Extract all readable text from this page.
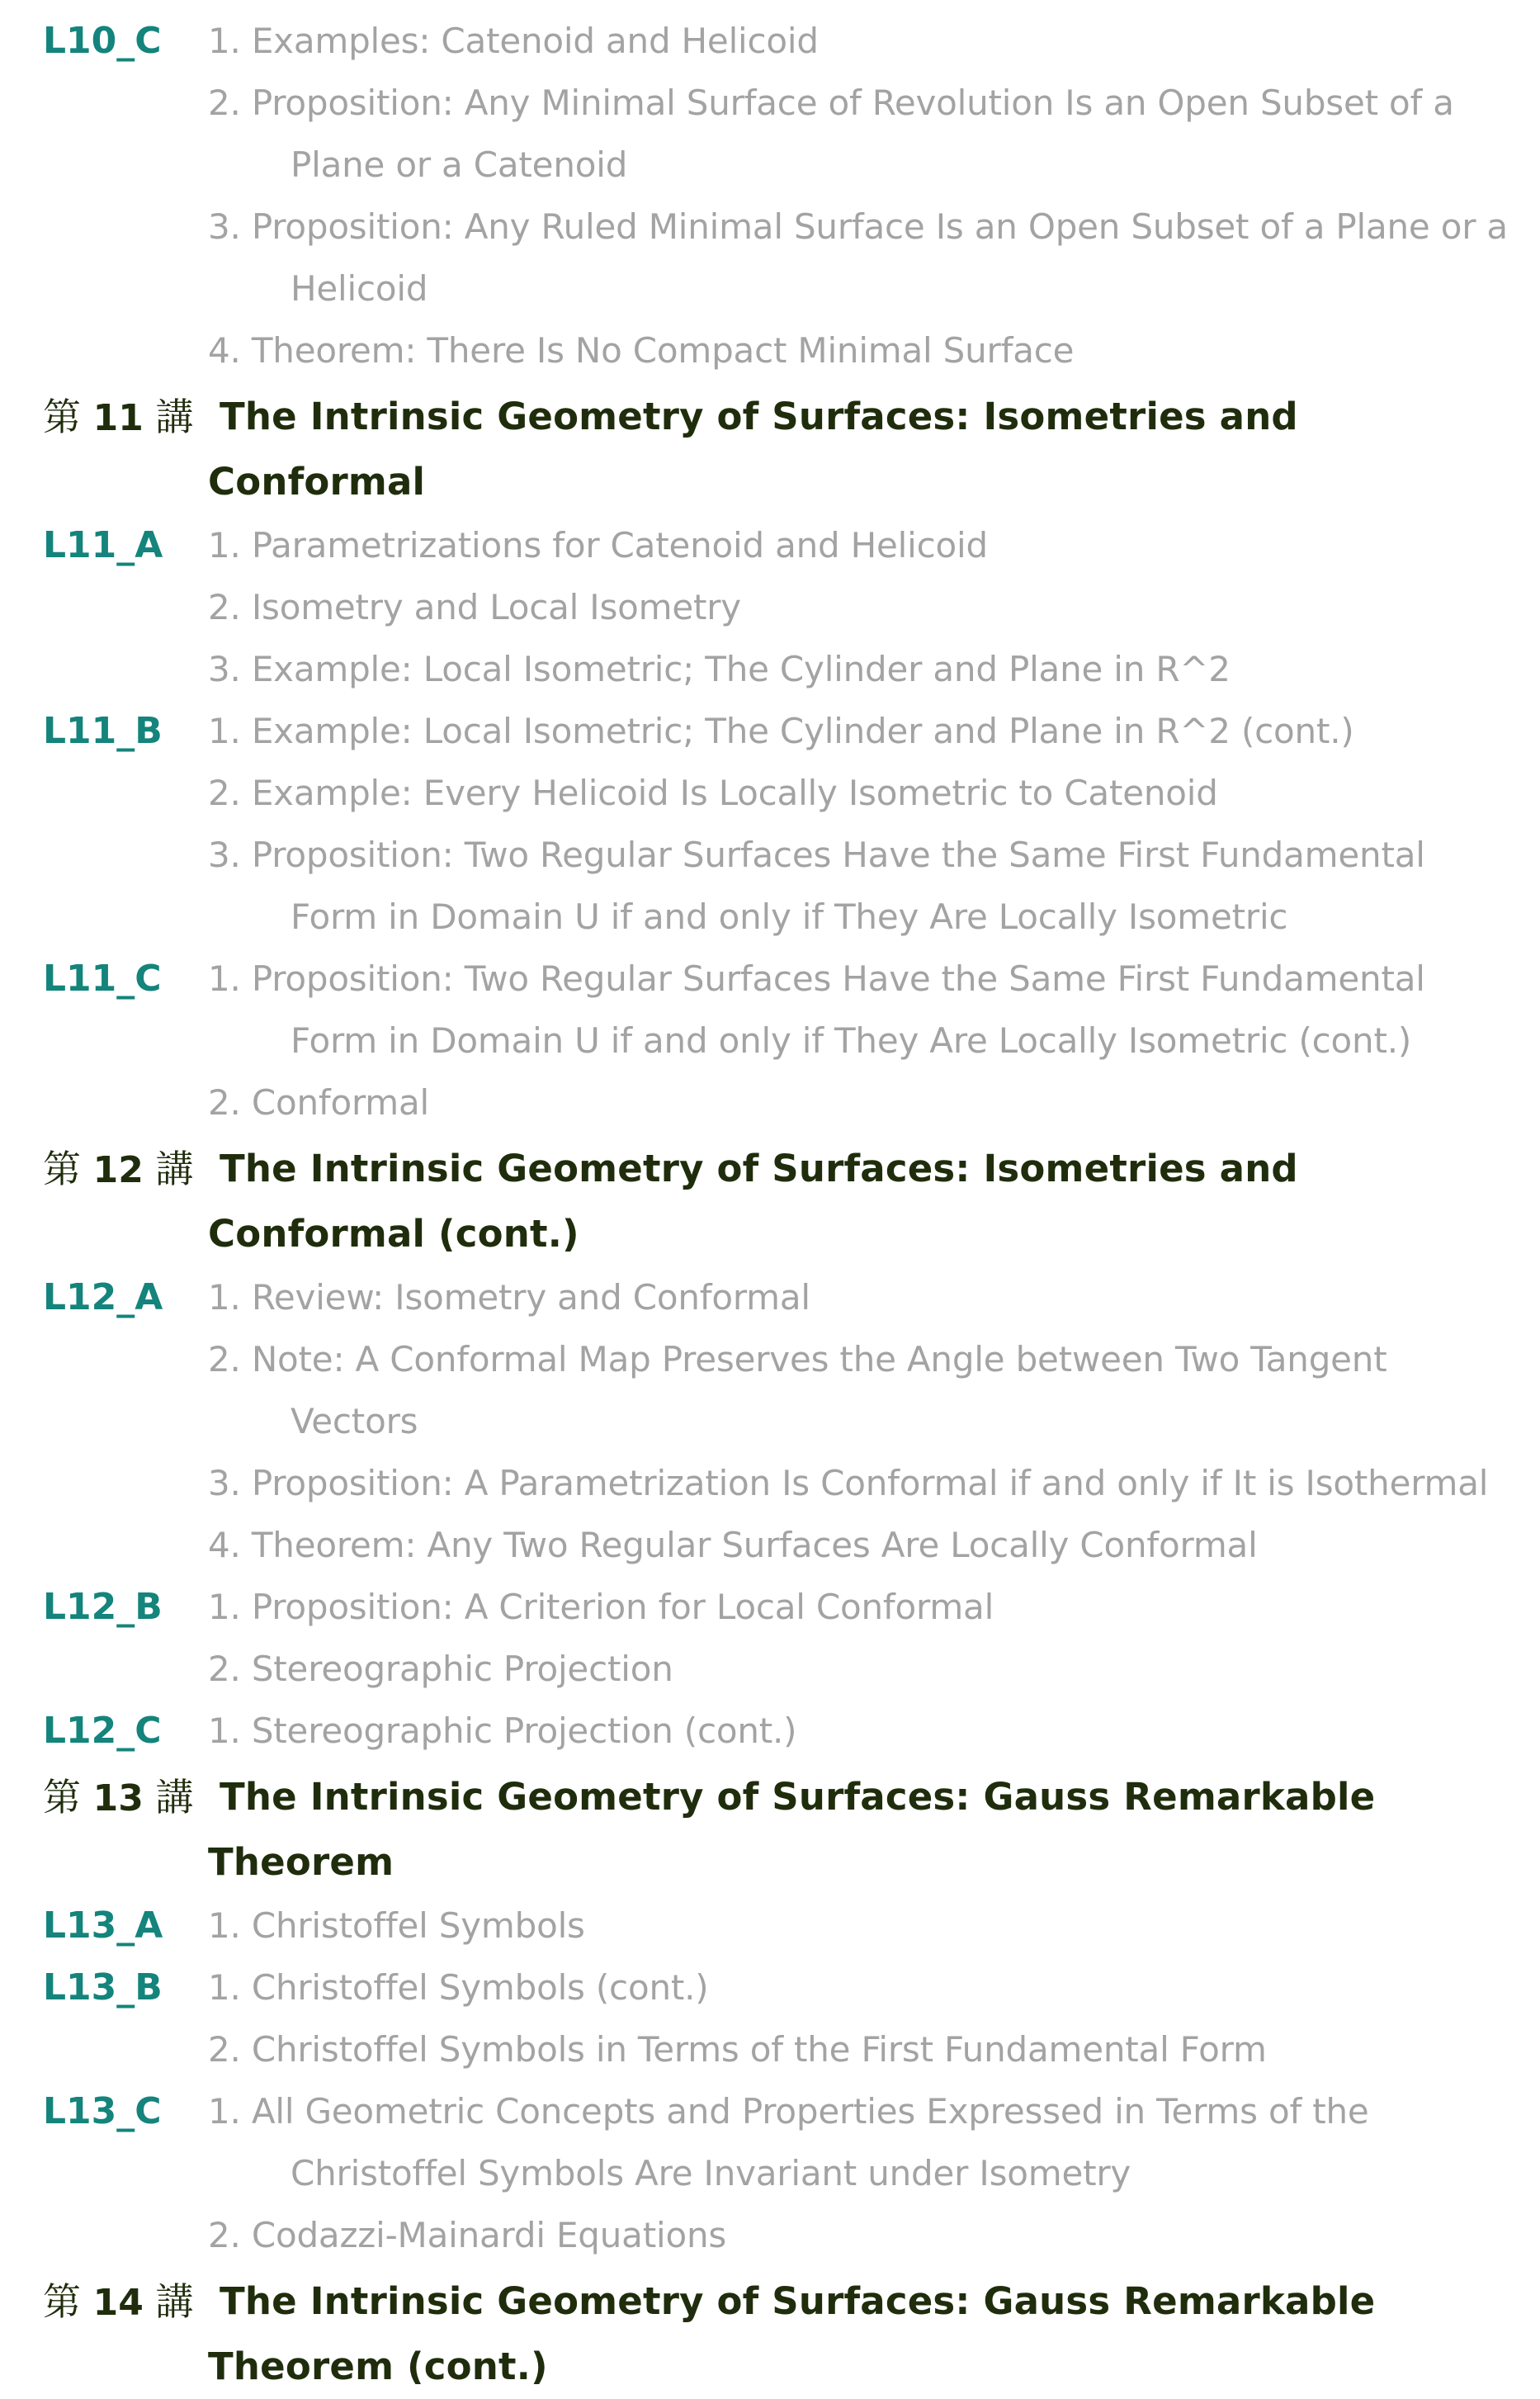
L10_C 1. Examples: Catenoid and Helicoid
2. Proposition: Any Minimal Surface of Revolution Is an Open Subset of a Plane or a Catenoid
3. Proposition: Any Ruled Minimal Surface Is an Open Subset of a Plane or a Helicoid
4. Theorem: There Is No Compact Minimal Surface
第 11 講 The Intrinsic Geometry of Surfaces: Isometries and Conformal
L11_A 1. Parametrizations for Catenoid and Helicoid
2. Isometry and Local Isometry
3. Example: Local Isometric; The Cylinder and Plane in R^2
L11_B 1. Example: Local Isometric; The Cylinder and Plane in R^2 (cont.)
2. Example: Every Helicoid Is Locally Isometric to Catenoid
3. Proposition: Two Regular Surfaces Have the Same First Fundamental Form in Domain U if and only if They Are Locally Isometric
L11_C 1. Proposition: Two Regular Surfaces Have the Same First Fundamental Form in Domain U if and only if They Are Locally Isometric (cont.)
2. Conformal
第 12 講 The Intrinsic Geometry of Surfaces: Isometries and Conformal (cont.)
L12_A 1. Review: Isometry and Conformal
2. Note: A Conformal Map Preserves the Angle between Two Tangent Vectors
3. Proposition: A Parametrization Is Conformal if and only if It is Isothermal
4. Theorem: Any Two Regular Surfaces Are Locally Conformal
L12_B 1. Proposition: A Criterion for Local Conformal
2. Stereographic Projection
L12_C 1. Stereographic Projection (cont.)
第 13 講 The Intrinsic Geometry of Surfaces: Gauss Remarkable Theorem
L13_A 1. Christoffel Symbols
L13_B 1. Christoffel Symbols (cont.)
2. Christoffel Symbols in Terms of the First Fundamental Form
L13_C 1. All Geometric Concepts and Properties Expressed in Terms of the Christoffel Symbols Are Invariant under Isometry
2. Codazzi-Mainardi Equations
第 14 講 The Intrinsic Geometry of Surfaces: Gauss Remarkable Theorem (cont.)
